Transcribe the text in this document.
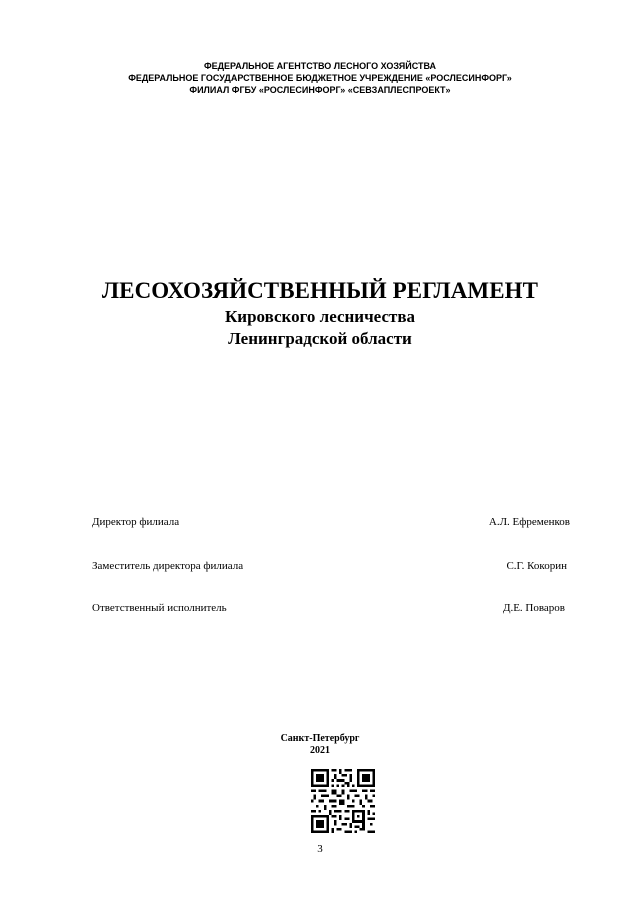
ФЕДЕРАЛЬНОЕ АГЕНТСТВО ЛЕСНОГО ХОЗЯЙСТВА
ФЕДЕРАЛЬНОЕ ГОСУДАРСТВЕННОЕ БЮДЖЕТНОЕ УЧРЕЖДЕНИЕ «РОСЛЕСИНФОРГ»
ФИЛИАЛ ФГБУ «РОСЛЕСИНФОРГ» «СЕВЗАПЛЕСПРОЕКТ»
ЛЕСОХОЗЯЙСТВЕННЫЙ РЕГЛАМЕНТ
Кировского лесничества
Ленинградской области
Директор филиала	А.Л. Ефременков
Заместитель директора филиала	С.Г. Кокорин
Ответственный исполнитель	Д.Е. Поваров
Санкт-Петербург
2021
3
